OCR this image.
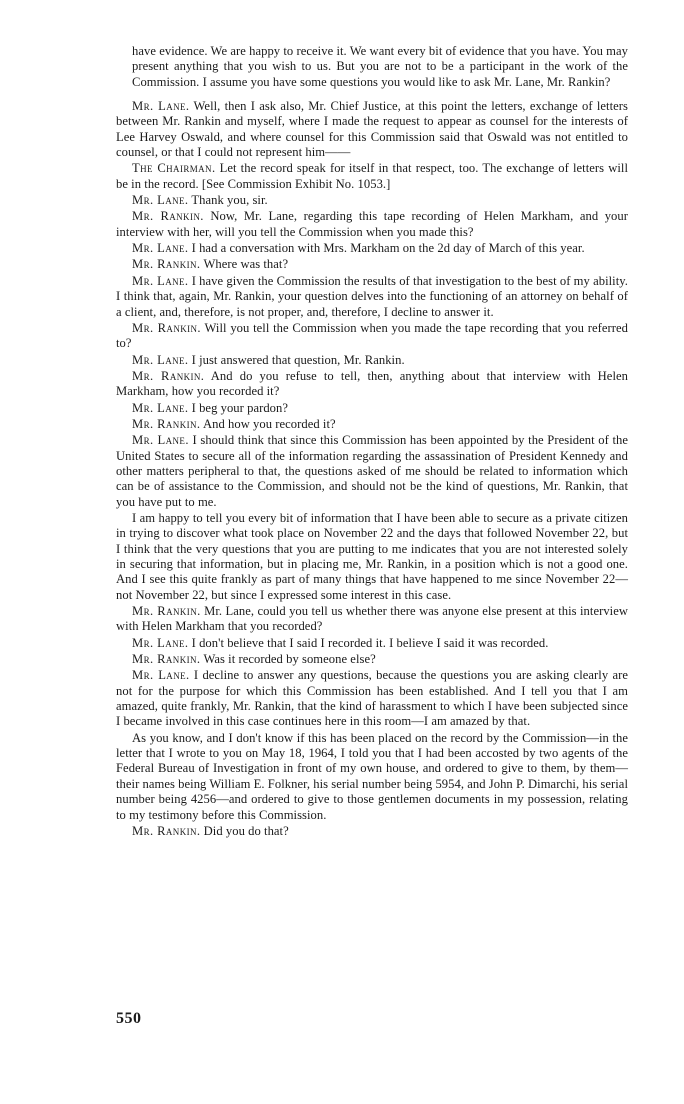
have evidence. We are happy to receive it. We want every bit of evidence that you have. You may present anything that you wish to us. But you are not to be a participant in the work of the Commission. I assume you have some questions you would like to ask Mr. Lane, Mr. Rankin?

Mr. Lane. Well, then I ask also, Mr. Chief Justice, at this point the letters, exchange of letters between Mr. Rankin and myself, where I made the request to appear as counsel for the interests of Lee Harvey Oswald, and where counsel for this Commission said that Oswald was not entitled to counsel, or that I could not represent him——

The Chairman. Let the record speak for itself in that respect, too. The exchange of letters will be in the record. [See Commission Exhibit No. 1053.]

Mr. Lane. Thank you, sir.

Mr. Rankin. Now, Mr. Lane, regarding this tape recording of Helen Markham, and your interview with her, will you tell the Commission when you made this?

Mr. Lane. I had a conversation with Mrs. Markham on the 2d day of March of this year.

Mr. Rankin. Where was that?

Mr. Lane. I have given the Commission the results of that investigation to the best of my ability. I think that, again, Mr. Rankin, your question delves into the functioning of an attorney on behalf of a client, and, therefore, is not proper, and, therefore, I decline to answer it.

Mr. Rankin. Will you tell the Commission when you made the tape recording that you referred to?

Mr. Lane. I just answered that question, Mr. Rankin.

Mr. Rankin. And do you refuse to tell, then, anything about that interview with Helen Markham, how you recorded it?

Mr. Lane. I beg your pardon?

Mr. Rankin. And how you recorded it?

Mr. Lane. I should think that since this Commission has been appointed by the President of the United States to secure all of the information regarding the assassination of President Kennedy and other matters peripheral to that, the questions asked of me should be related to information which can be of assistance to the Commission, and should not be the kind of questions, Mr. Rankin, that you have put to me.

I am happy to tell you every bit of information that I have been able to secure as a private citizen in trying to discover what took place on November 22 and the days that followed November 22, but I think that the very questions that you are putting to me indicates that you are not interested solely in securing that information, but in placing me, Mr. Rankin, in a position which is not a good one. And I see this quite frankly as part of many things that have happened to me since November 22—not November 22, but since I expressed some interest in this case.

Mr. Rankin. Mr. Lane, could you tell us whether there was anyone else present at this interview with Helen Markham that you recorded?

Mr. Lane. I don't believe that I said I recorded it. I believe I said it was recorded.

Mr. Rankin. Was it recorded by someone else?

Mr. Lane. I decline to answer any questions, because the questions you are asking clearly are not for the purpose for which this Commission has been established. And I tell you that I am amazed, quite frankly, Mr. Rankin, that the kind of harassment to which I have been subjected since I became involved in this case continues here in this room—I am amazed by that.

As you know, and I don't know if this has been placed on the record by the Commission—in the letter that I wrote to you on May 18, 1964, I told you that I had been accosted by two agents of the Federal Bureau of Investigation in front of my own house, and ordered to give to them, by them—their names being William E. Folkner, his serial number being 5954, and John P. Dimarchi, his serial number being 4256—and ordered to give to those gentlemen documents in my possession, relating to my testimony before this Commission.

Mr. Rankin. Did you do that?

550
